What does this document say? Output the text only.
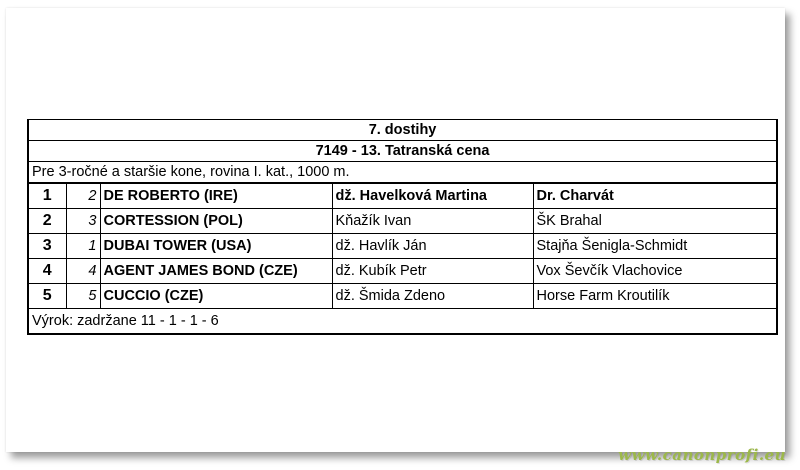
7. dostihy				
7149 - 13. Tatranská cena				
Pre 3-ročné a staršie kone, rovina I. kat., 1000 m.				
1	2	DE ROBERTO (IRE)	dž. Havelková Martina	Dr. Charvát
2	3	CORTESSION (POL)	Kňažík Ivan	ŠK Brahal
3	1	DUBAI TOWER (USA)	dž. Havlík Ján	Stajňa Šenigla-Schmidt
4	4	AGENT JAMES BOND (CZE)	dž. Kubík Petr	Vox Ševčík Vlachovice
5	5	CUCCIO (CZE)	dž. Šmida Zdeno	Horse Farm Kroutilík
Výrok: zadržane 11 - 1 - 1 - 6				
www.canonprofi.eu
